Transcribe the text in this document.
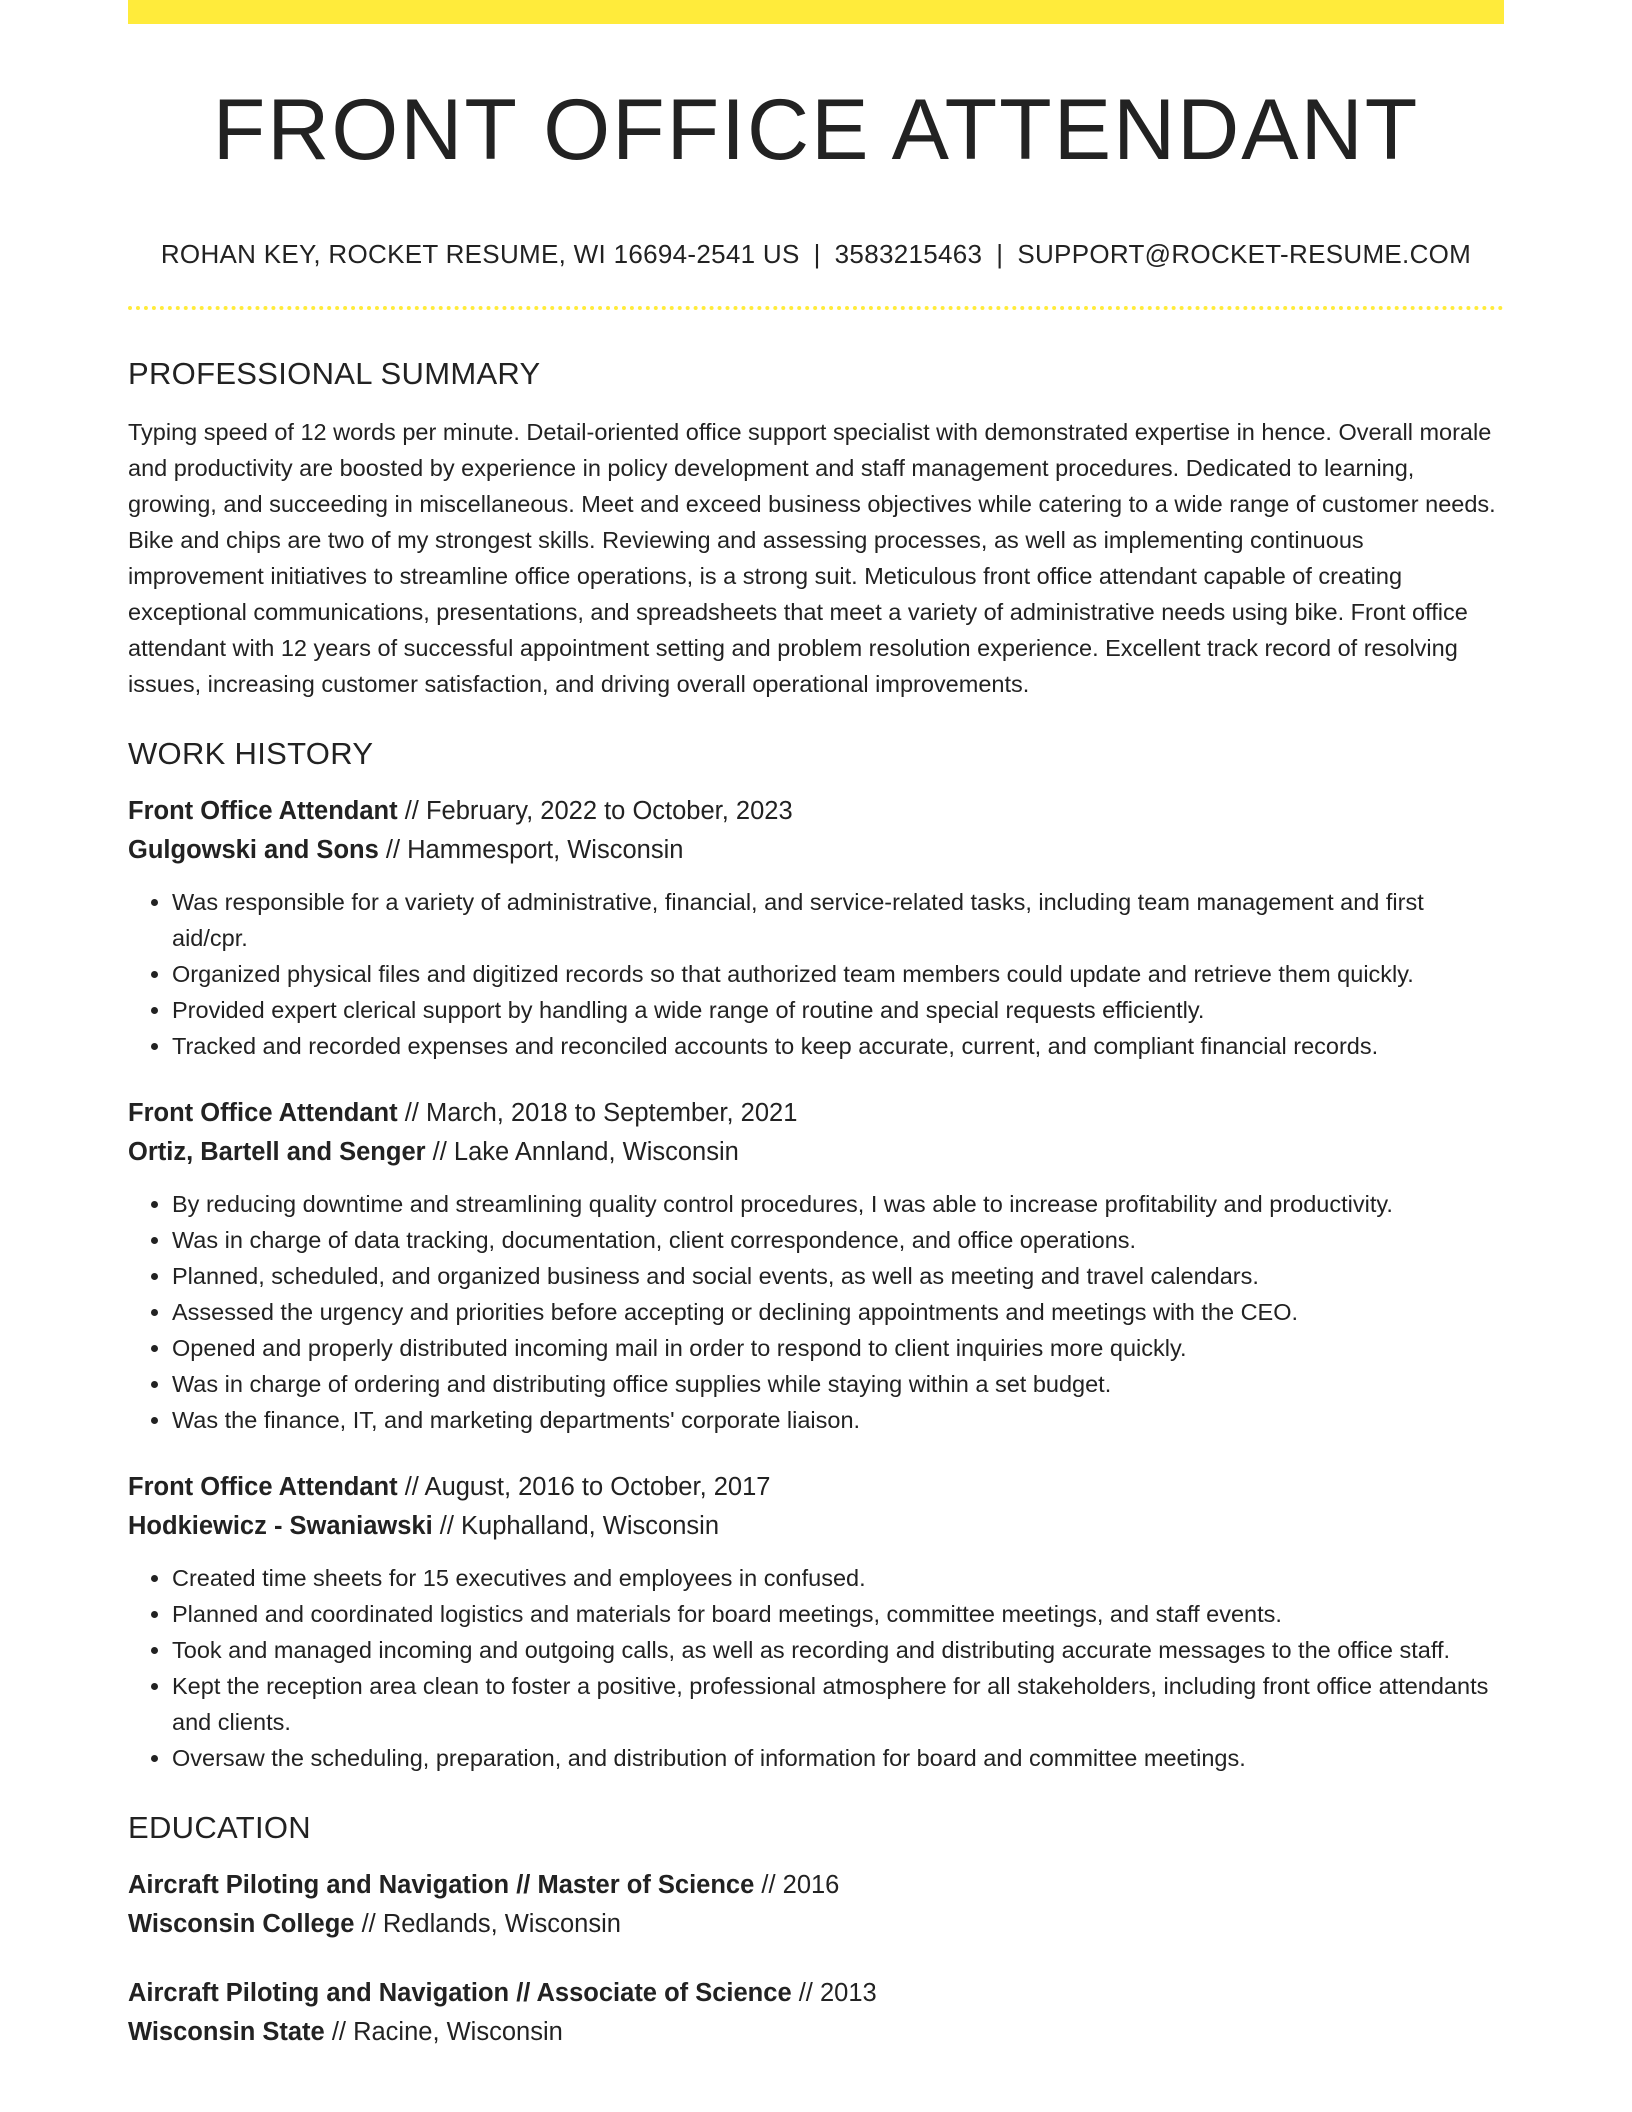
FRONT OFFICE ATTENDANT
ROHAN KEY, ROCKET RESUME, WI 16694-2541 US | 3583215463 | SUPPORT@ROCKET-RESUME.COM
PROFESSIONAL SUMMARY

Typing speed of 12 words per minute. Detail-oriented office support specialist with demonstrated expertise in hence. Overall morale and productivity are boosted by experience in policy development and staff management procedures. Dedicated to learning, growing, and succeeding in miscellaneous. Meet and exceed business objectives while catering to a wide range of customer needs. Bike and chips are two of my strongest skills. Reviewing and assessing processes, as well as implementing continuous improvement initiatives to streamline office operations, is a strong suit. Meticulous front office attendant capable of creating exceptional communications, presentations, and spreadsheets that meet a variety of administrative needs using bike. Front office attendant with 12 years of successful appointment setting and problem resolution experience. Excellent track record of resolving issues, increasing customer satisfaction, and driving overall operational improvements.

WORK HISTORY
Front Office Attendant // February, 2022 to October, 2023
Gulgowski and Sons // Hammesport, Wisconsin
• Was responsible for a variety of administrative, financial, and service-related tasks, including team management and first aid/cpr.
• Organized physical files and digitized records so that authorized team members could update and retrieve them quickly.
• Provided expert clerical support by handling a wide range of routine and special requests efficiently.
• Tracked and recorded expenses and reconciled accounts to keep accurate, current, and compliant financial records.
Front Office Attendant // March, 2018 to September, 2021
Ortiz, Bartell and Senger // Lake Annland, Wisconsin
• By reducing downtime and streamlining quality control procedures, I was able to increase profitability and productivity.
• Was in charge of data tracking, documentation, client correspondence, and office operations.
• Planned, scheduled, and organized business and social events, as well as meeting and travel calendars.
• Assessed the urgency and priorities before accepting or declining appointments and meetings with the CEO.
• Opened and properly distributed incoming mail in order to respond to client inquiries more quickly.
• Was in charge of ordering and distributing office supplies while staying within a set budget.
• Was the finance, IT, and marketing departments' corporate liaison.
Front Office Attendant // August, 2016 to October, 2017
Hodkiewicz - Swaniawski // Kuphalland, Wisconsin
• Created time sheets for 15 executives and employees in confused.
• Planned and coordinated logistics and materials for board meetings, committee meetings, and staff events.
• Took and managed incoming and outgoing calls, as well as recording and distributing accurate messages to the office staff.
• Kept the reception area clean to foster a positive, professional atmosphere for all stakeholders, including front office attendants and clients.
• Oversaw the scheduling, preparation, and distribution of information for board and committee meetings.
EDUCATION
Aircraft Piloting and Navigation // Master of Science // 2016
Wisconsin College // Redlands, Wisconsin
Aircraft Piloting and Navigation // Associate of Science // 2013
Wisconsin State // Racine, Wisconsin
